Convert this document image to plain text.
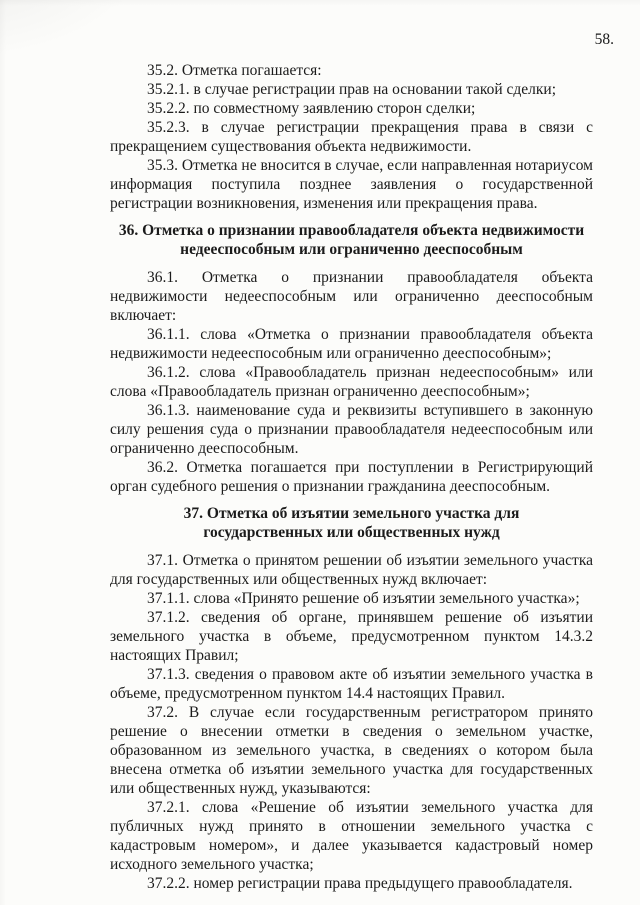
58.

35.2. Отметка погашается:

35.2.1. в случае регистрации прав на основании такой сделки;

35.2.2. по совместному заявлению сторон сделки;

35.2.3. в случае регистрации прекращения права в связи с прекращением существования объекта недвижимости.

35.3. Отметка не вносится в случае, если направленная нотариусом информация поступила позднее заявления о государственной регистрации возникновения, изменения или прекращения права.

36. Отметка о признании правообладателя объекта недвижимости
недееспособным или ограниченно дееспособным

36.1. Отметка о признании правообладателя объекта недвижимости недееспособным или ограниченно дееспособным включает:

36.1.1. слова «Отметка о признании правообладателя объекта недвижимости недееспособным или ограниченно дееспособным»;

36.1.2. слова «Правообладатель признан недееспособным» или слова «Правообладатель признан ограниченно дееспособным»;

36.1.3. наименование суда и реквизиты вступившего в законную силу решения суда о признании правообладателя недееспособным или ограниченно дееспособным.

36.2. Отметка погашается при поступлении в Регистрирующий орган судебного решения о признании гражданина дееспособным.

37. Отметка об изъятии земельного участка для
государственных или общественных нужд

37.1. Отметка о принятом решении об изъятии земельного участка для государственных или общественных нужд включает:

37.1.1. слова «Принято решение об изъятии земельного участка»;

37.1.2. сведения об органе, принявшем решение об изъятии земельного участка в объеме, предусмотренном пунктом 14.3.2 настоящих Правил;

37.1.3. сведения о правовом акте об изъятии земельного участка в объеме, предусмотренном пунктом 14.4 настоящих Правил.

37.2. В случае если государственным регистратором принято решение о внесении отметки в сведения о земельном участке, образованном из земельного участка, в сведениях о котором была внесена отметка об изъятии земельного участка для государственных или общественных нужд, указываются:

37.2.1. слова «Решение об изъятии земельного участка для публичных нужд принято в отношении земельного участка с кадастровым номером», и далее указывается кадастровый номер исходного земельного участка;

37.2.2. номер регистрации права предыдущего правообладателя.
